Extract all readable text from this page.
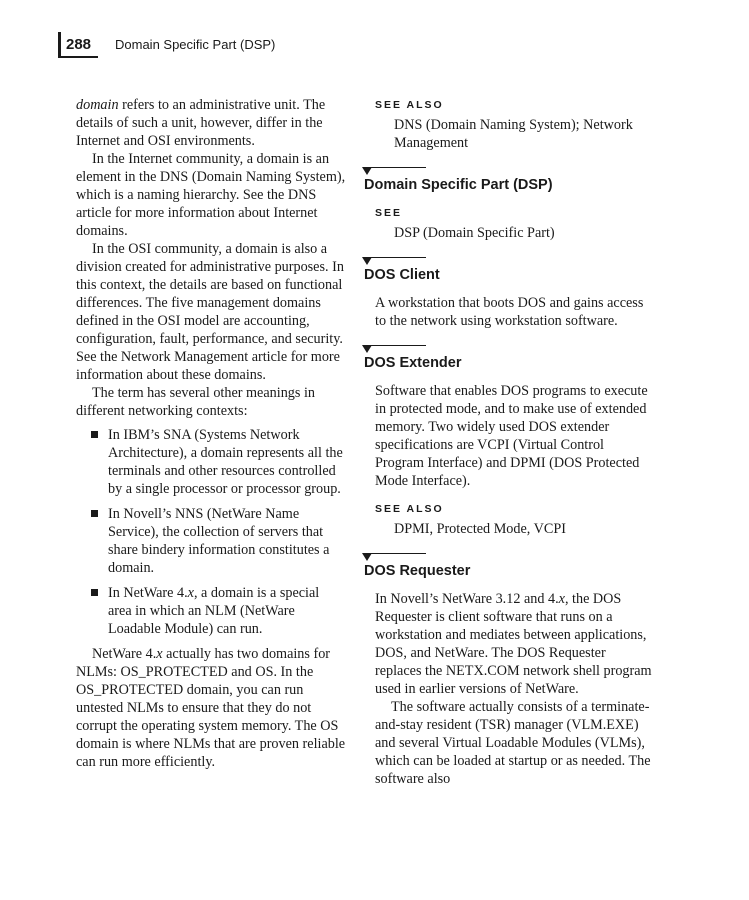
288 Domain Specific Part (DSP)

domain refers to an administrative unit. The details of such a unit, however, differ in the Internet and OSI environments.

In the Internet community, a domain is an element in the DNS (Domain Naming System), which is a naming hierarchy. See the DNS article for more information about Internet domains.

In the OSI community, a domain is also a division created for administrative purposes. In this context, the details are based on functional differences. The five management domains defined in the OSI model are accounting, configuration, fault, performance, and security. See the Network Management article for more information about these domains.

The term has several other meanings in different networking contexts:

In IBM’s SNA (Systems Network Architecture), a domain represents all the terminals and other resources controlled by a single processor or processor group.
In Novell’s NNS (NetWare Name Service), the collection of servers that share bindery information constitutes a domain.
In NetWare 4.x, a domain is a special area in which an NLM (NetWare Loadable Module) can run.

NetWare 4.x actually has two domains for NLMs: OS_PROTECTED and OS. In the OS_PROTECTED domain, you can run untested NLMs to ensure that they do not corrupt the operating system memory. The OS domain is where NLMs that are proven reliable can run more efficiently.

SEE ALSO
DNS (Domain Naming System); Network Management
Domain Specific Part (DSP)
SEE
DSP (Domain Specific Part)
DOS Client

A workstation that boots DOS and gains access to the network using workstation software.

DOS Extender

Software that enables DOS programs to execute in protected mode, and to make use of extended memory. Two widely used DOS extender specifications are VCPI (Virtual Control Program Interface) and DPMI (DOS Protected Mode Interface).

SEE ALSO
DPMI, Protected Mode, VCPI
DOS Requester

In Novell’s NetWare 3.12 and 4.x, the DOS Requester is client software that runs on a workstation and mediates between applications, DOS, and NetWare. The DOS Requester replaces the NETX.COM network shell program used in earlier versions of NetWare.

The software actually consists of a terminate-and-stay resident (TSR) manager (VLM.EXE) and several Virtual Loadable Modules (VLMs), which can be loaded at startup or as needed. The software also
